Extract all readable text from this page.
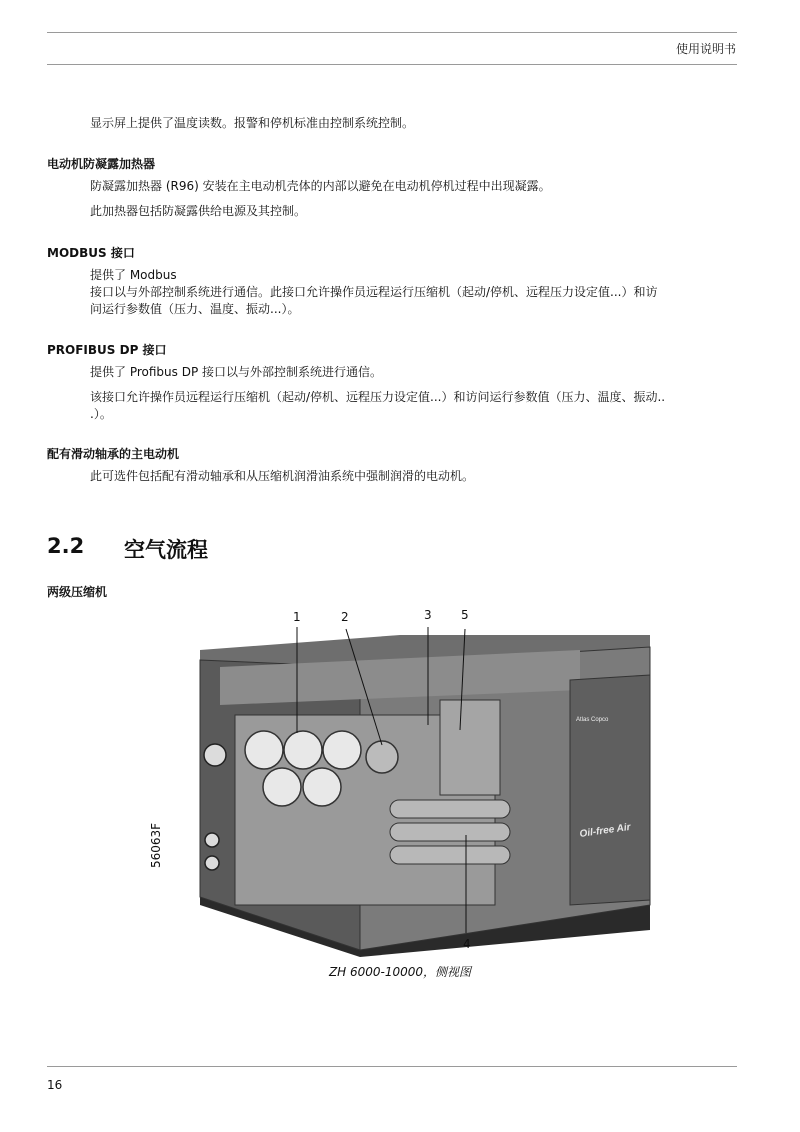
使用说明书
显示屏上提供了温度读数。报警和停机标准由控制系统控制。
电动机防凝露加热器
防凝露加热器 (R96) 安装在主电动机壳体的内部以避免在电动机停机过程中出现凝露。
此加热器包括防凝露供给电源及其控制。
MODBUS 接口
提供了 Modbus
接口以与外部控制系统进行通信。此接口允许操作员远程运行压缩机（起动/停机、远程压力设定值...）和访
问运行参数值（压力、温度、振动...）。
PROFIBUS DP 接口
提供了 Profibus DP 接口以与外部控制系统进行通信。
该接口允许操作员远程运行压缩机（起动/停机、远程压力设定值...）和访问运行参数值（压力、温度、振动..
.）。
配有滑动轴承的主电动机
此可选件包括配有滑动轴承和从压缩机润滑油系统中强制润滑的电动机。
2.2 空气流程
两级压缩机
Oil-free Air
Atlas Copco
1	2	3 5
4
56063F
ZH 6000-10000，侧视图
16
